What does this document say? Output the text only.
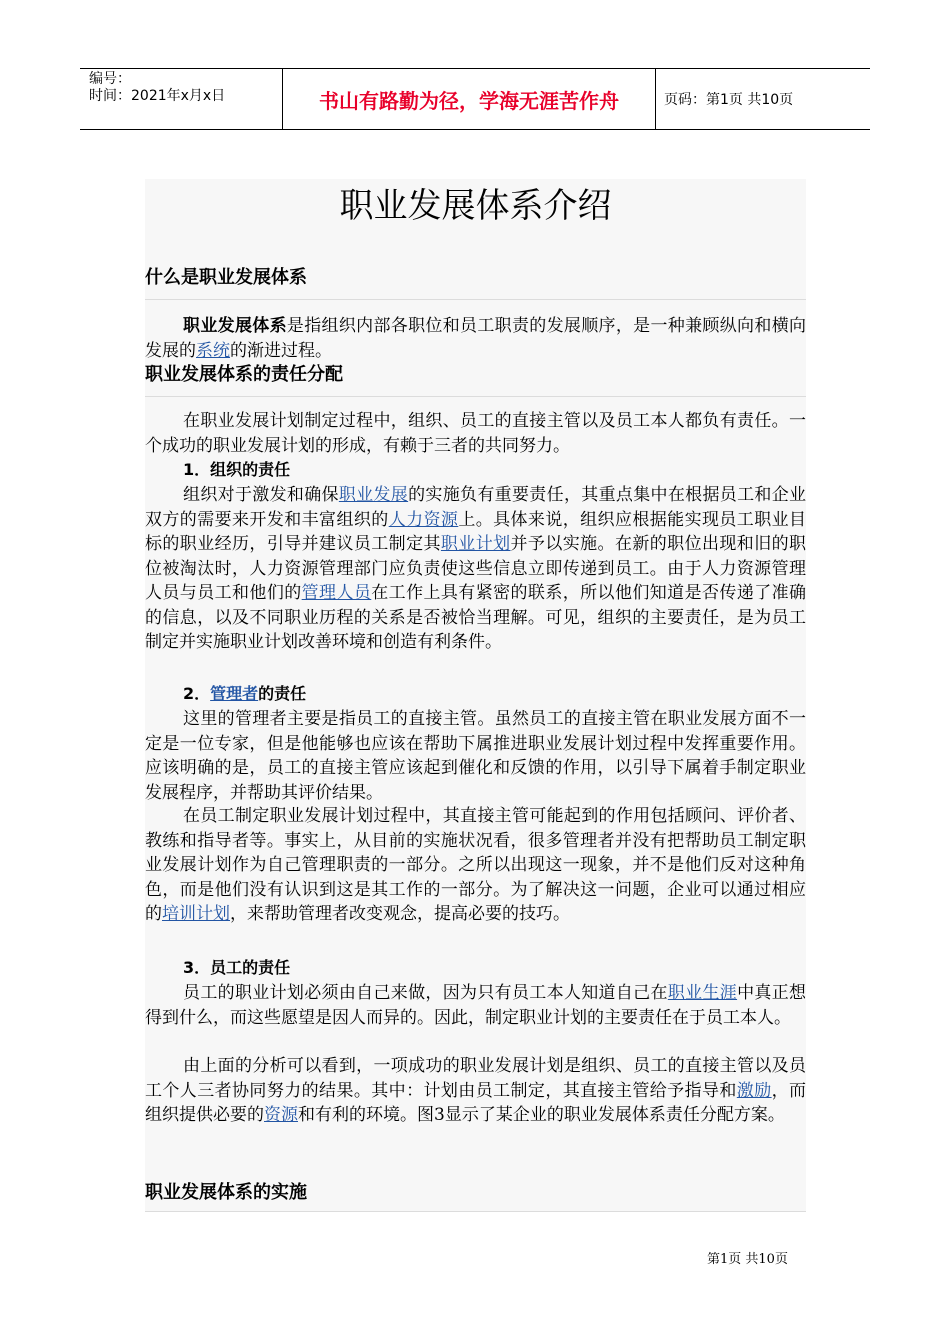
编号：
时间：2021年x月x日	书山有路勤为径，学海无涯苦作舟	页码：第1页 共10页
职业发展体系介绍
什么是职业发展体系
职业发展体系是指组织内部各职位和员工职责的发展顺序，是一种兼顾纵向和横向发展的系统的渐进过程。
职业发展体系的责任分配
在职业发展计划制定过程中，组织、员工的直接主管以及员工本人都负有责任。一个成功的职业发展计划的形成，有赖于三者的共同努力。
1．组织的责任
组织对于激发和确保职业发展的实施负有重要责任，其重点集中在根据员工和企业双方的需要来开发和丰富组织的人力资源上。具体来说，组织应根据能实现员工职业目标的职业经历，引导并建议员工制定其职业计划并予以实施。在新的职位出现和旧的职位被淘汰时，人力资源管理部门应负责使这些信息立即传递到员工。由于人力资源管理人员与员工和他们的管理人员在工作上具有紧密的联系，所以他们知道是否传递了准确的信息，以及不同职业历程的关系是否被恰当理解。可见，组织的主要责任，是为员工制定并实施职业计划改善环境和创造有利条件。
2．管理者的责任
这里的管理者主要是指员工的直接主管。虽然员工的直接主管在职业发展方面不一定是一位专家，但是他能够也应该在帮助下属推进职业发展计划过程中发挥重要作用。应该明确的是，员工的直接主管应该起到催化和反馈的作用，以引导下属着手制定职业发展程序，并帮助其评价结果。
在员工制定职业发展计划过程中，其直接主管可能起到的作用包括顾问、评价者、教练和指导者等。事实上，从目前的实施状况看，很多管理者并没有把帮助员工制定职业发展计划作为自己管理职责的一部分。之所以出现这一现象，并不是他们反对这种角色，而是他们没有认识到这是其工作的一部分。为了解决这一问题，企业可以通过相应的培训计划，来帮助管理者改变观念，提高必要的技巧。
3．员工的责任
员工的职业计划必须由自己来做，因为只有员工本人知道自己在职业生涯中真正想得到什么，而这些愿望是因人而异的。因此，制定职业计划的主要责任在于员工本人。
由上面的分析可以看到，一项成功的职业发展计划是组织、员工的直接主管以及员工个人三者协同努力的结果。其中：计划由员工制定，其直接主管给予指导和激励，而组织提供必要的资源和有利的环境。图3显示了某企业的职业发展体系责任分配方案。
职业发展体系的实施
第1页 共10页
